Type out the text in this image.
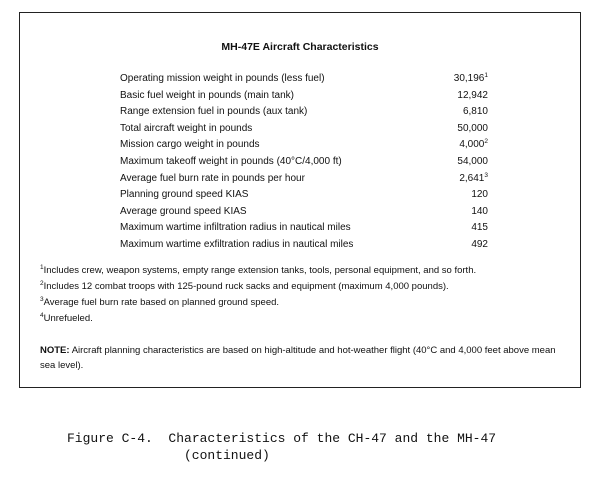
MH-47E Aircraft Characteristics
Operating mission weight in pounds (less fuel)	30,196$^1$
Basic fuel weight in pounds (main tank)	12,942
Range extension fuel in pounds (aux tank)	6,810
Total aircraft weight in pounds	50,000
Mission cargo weight in pounds	4,000$^2$
Maximum takeoff weight in pounds (40°C/4,000 ft)	54,000
Average fuel burn rate in pounds per hour	2,641$^3$
Planning ground speed KIAS	120
Average ground speed KIAS	140
Maximum wartime infiltration radius in nautical miles	415
Maximum wartime exfiltration radius in nautical miles	492
$^1$Includes crew, weapon systems, empty range extension tanks, tools, personal equipment, and so forth.
$^2$Includes 12 combat troops with 125-pound ruck sacks and equipment (maximum 4,000 pounds).
$^3$Average fuel burn rate based on planned ground speed.
$^4$Unrefueled.
NOTE: Aircraft planning characteristics are based on high-altitude and hot-weather flight (40°C and 4,000 feet above mean sea level).
Figure C-4.  Characteristics of the CH-47 and the MH-47
(continued)
